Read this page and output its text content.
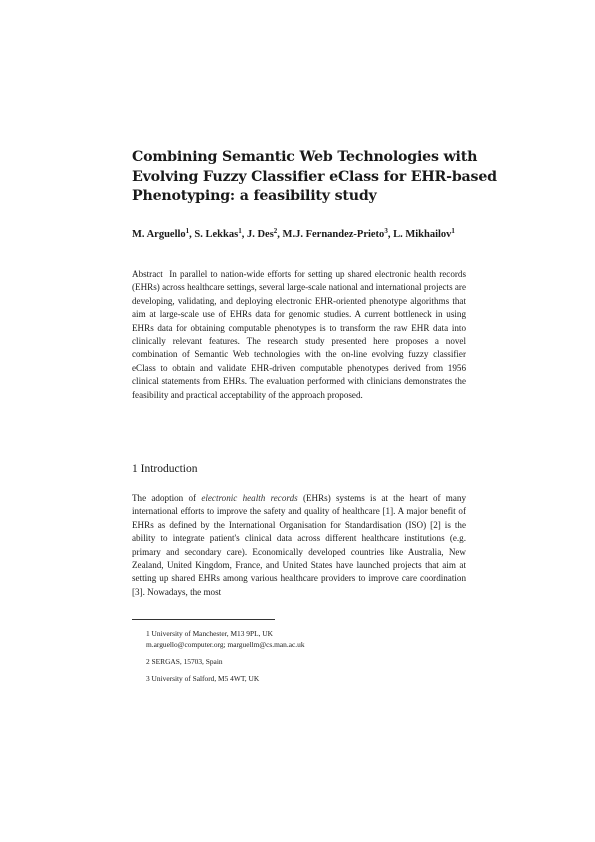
Combining Semantic Web Technologies with
Evolving Fuzzy Classifier eClass for EHR-based
Phenotyping: a feasibility study
M. Arguello$^1$, S. Lekkas$^1$, J. Des$^2$, M.J. Fernandez-Prieto$^3$, L. Mikhailov$^1$

Abstract In parallel to nation-wide efforts for setting up shared electronic health records (EHRs) across healthcare settings, several large-scale national and international projects are developing, validating, and deploying electronic EHR-oriented phenotype algorithms that aim at large-scale use of EHRs data for genomic studies. A current bottleneck in using EHRs data for obtaining computable phenotypes is to transform the raw EHR data into clinically relevant features. The research study presented here proposes a novel combination of Semantic Web technologies with the on-line evolving fuzzy classifier eClass to obtain and validate EHR-driven computable phenotypes derived from 1956 clinical statements from EHRs. The evaluation performed with clinicians demonstrates the feasibility and practical acceptability of the approach proposed.

1 Introduction

The adoption of electronic health records (EHRs) systems is at the heart of many international efforts to improve the safety and quality of healthcare [1]. A major benefit of EHRs as defined by the International Organisation for Standardisation (ISO) [2] is the ability to integrate patient's clinical data across different healthcare institutions (e.g. primary and secondary care). Economically developed countries like Australia, New Zealand, United Kingdom, France, and United States have launched projects that aim at setting up shared EHRs among various healthcare providers to improve care coordination [3]. Nowadays, the most

1 University of Manchester, M13 9PL, UK
m.arguello@computer.org; marguellm@cs.man.ac.uk

2 SERGAS, 15703, Spain

3 University of Salford, M5 4WT, UK
